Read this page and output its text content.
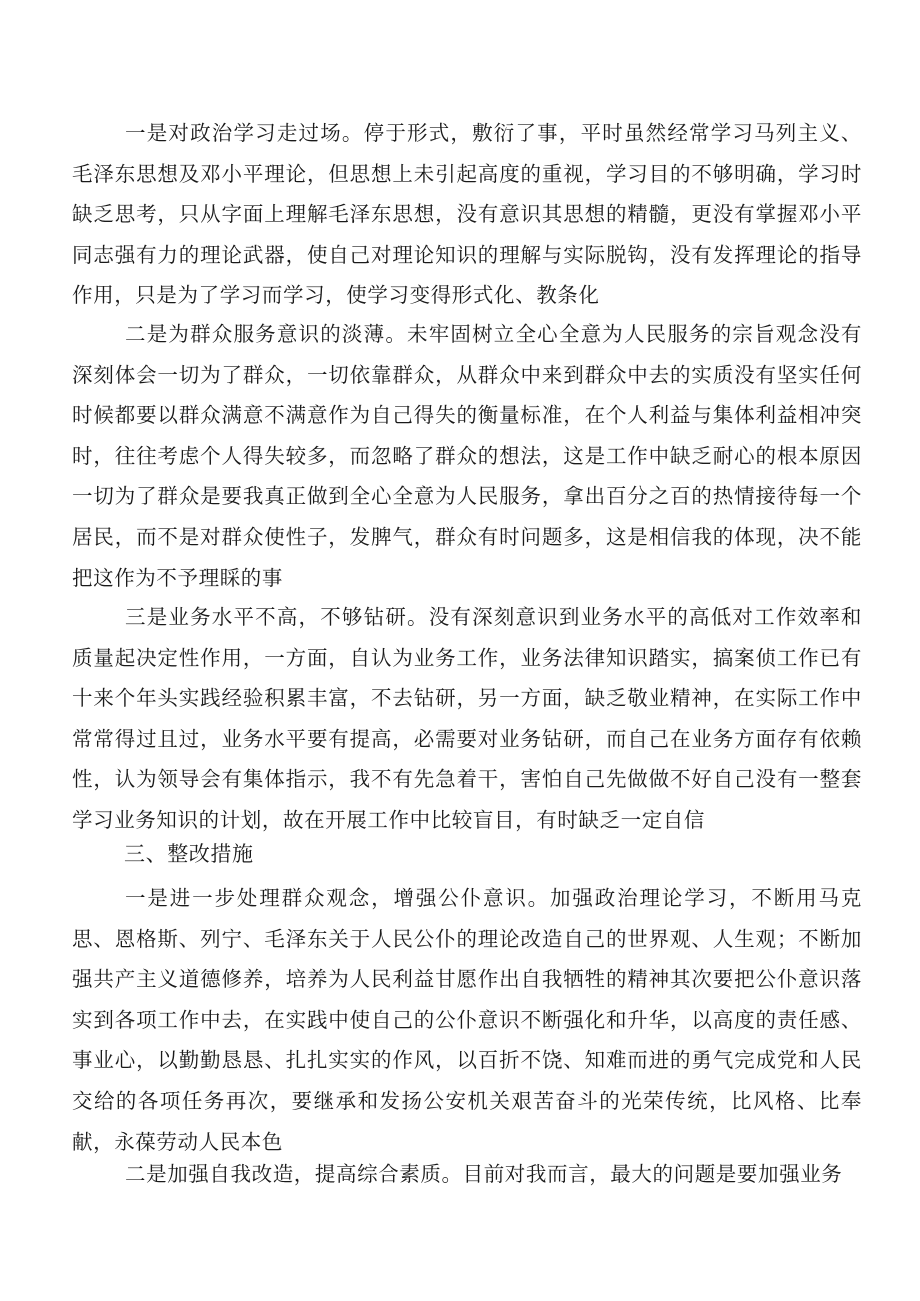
一是对政治学习走过场。停于形式，敷衍了事，平时虽然经常学习马列主义、毛泽东思想及邓小平理论，但思想上未引起高度的重视，学习目的不够明确，学习时缺乏思考，只从字面上理解毛泽东思想，没有意识其思想的精髓，更没有掌握邓小平同志强有力的理论武器，使自己对理论知识的理解与实际脱钩，没有发挥理论的指导作用，只是为了学习而学习，使学习变得形式化、教条化

二是为群众服务意识的淡薄。未牢固树立全心全意为人民服务的宗旨观念没有深刻体会一切为了群众，一切依靠群众，从群众中来到群众中去的实质没有坚实任何时候都要以群众满意不满意作为自己得失的衡量标准，在个人利益与集体利益相冲突时，往往考虑个人得失较多，而忽略了群众的想法，这是工作中缺乏耐心的根本原因一切为了群众是要我真正做到全心全意为人民服务，拿出百分之百的热情接待每一个居民，而不是对群众使性子，发脾气，群众有时问题多，这是相信我的体现，决不能把这作为不予理睬的事

三是业务水平不高，不够钻研。没有深刻意识到业务水平的高低对工作效率和质量起决定性作用，一方面，自认为业务工作，业务法律知识踏实，搞案侦工作已有十来个年头实践经验积累丰富，不去钻研，另一方面，缺乏敬业精神，在实际工作中常常得过且过，业务水平要有提高，必需要对业务钻研，而自己在业务方面存有依赖性，认为领导会有集体指示，我不有先急着干，害怕自己先做做不好自己没有一整套学习业务知识的计划，故在开展工作中比较盲目，有时缺乏一定自信

三、整改措施

一是进一步处理群众观念，增强公仆意识。加强政治理论学习，不断用马克思、恩格斯、列宁、毛泽东关于人民公仆的理论改造自己的世界观、人生观；不断加强共产主义道德修养，培养为人民利益甘愿作出自我牺牲的精神其次要把公仆意识落实到各项工作中去，在实践中使自己的公仆意识不断强化和升华，以高度的责任感、事业心，以勤勤恳恳、扎扎实实的作风，以百折不饶、知难而进的勇气完成党和人民交给的各项任务再次，要继承和发扬公安机关艰苦奋斗的光荣传统，比风格、比奉献，永葆劳动人民本色

二是加强自我改造，提高综合素质。目前对我而言，最大的问题是要加强业务
